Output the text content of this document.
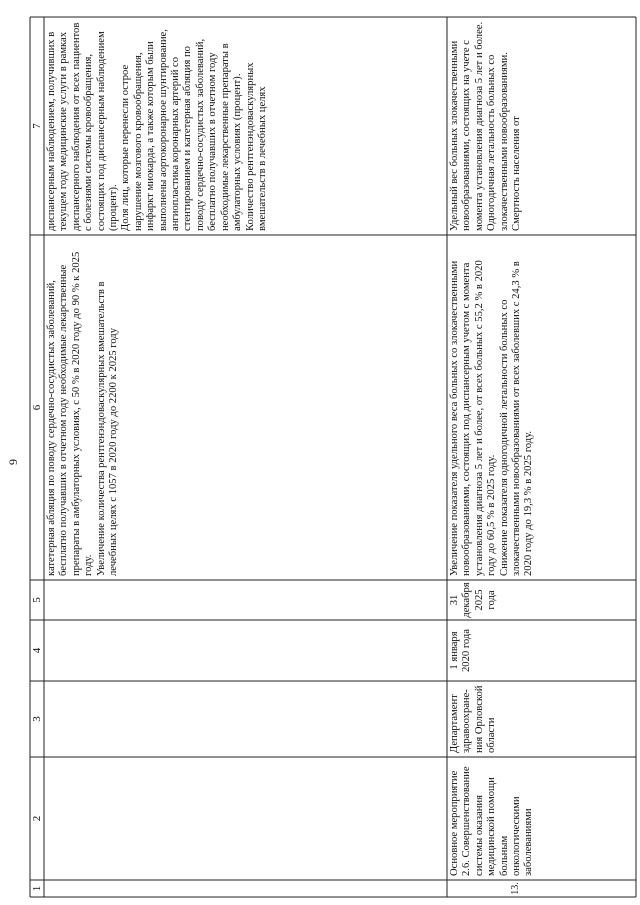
9
1
2
3
4
5
6
7
катетерная абляция по поводу сердечно-сосудистых заболеваний, бесплатно получавших в отчетном году необходимые лекарственные препараты в амбулаторных условиях, с 50 % в 2020 году до 90 % к 2025 году. Увеличение количества рентгенэндоваскулярных вмешательств в лечебных целях с 1057 в 2020 году до 2200 к 2025 году
диспансерным наблюдением, получивших в текущем году медицинские услуги в рамках диспансерного наблюдения от всех пациентов с болезнями системы кровообращения, состоящих под диспансерным наблюдением (процент). Доля лиц, которые перенесли острое нарушение мозгового кровообращения, инфаркт миокарда, а также которым были выполнены аортокоронарное шунтирование, ангиопластика коронарных артерий со стентированием и катетерная абляция по поводу сердечно-сосудистых заболеваний, бесплатно получавших в отчетном году необходимые лекарственные препараты в амбулаторных условиях (процент). Количество рентгенэндоваскулярных вмешательств в лечебных целях
13.
Основное мероприятие 2.6. Совершенствование системы оказания медицинской помощи больным онкологическими заболеваниями
Департамент здравоохране-ния Орловской области
1 января 2020 года
31 декабря 2025 года
Увеличение показателя удельного веса больных со злокачественными новообразованиями, состоящих под диспансерным учетом с момента установления диагноза 5 лет и более, от всех больных с 55,2 % в 2020 году до 60,5 % в 2025 году. Снижение показателя одногодичной летальности больных со злокачественными новообразованиями от всех заболевших с 24,3 % в 2020 году до 19,3 % в 2025 году.
Удельный вес больных злокачественными новообразованиями, состоящих на учете с момента установления диагноза 5 лет и более. Одногодичная летальность больных со злокачественными новообразованиями. Смертность населения от
